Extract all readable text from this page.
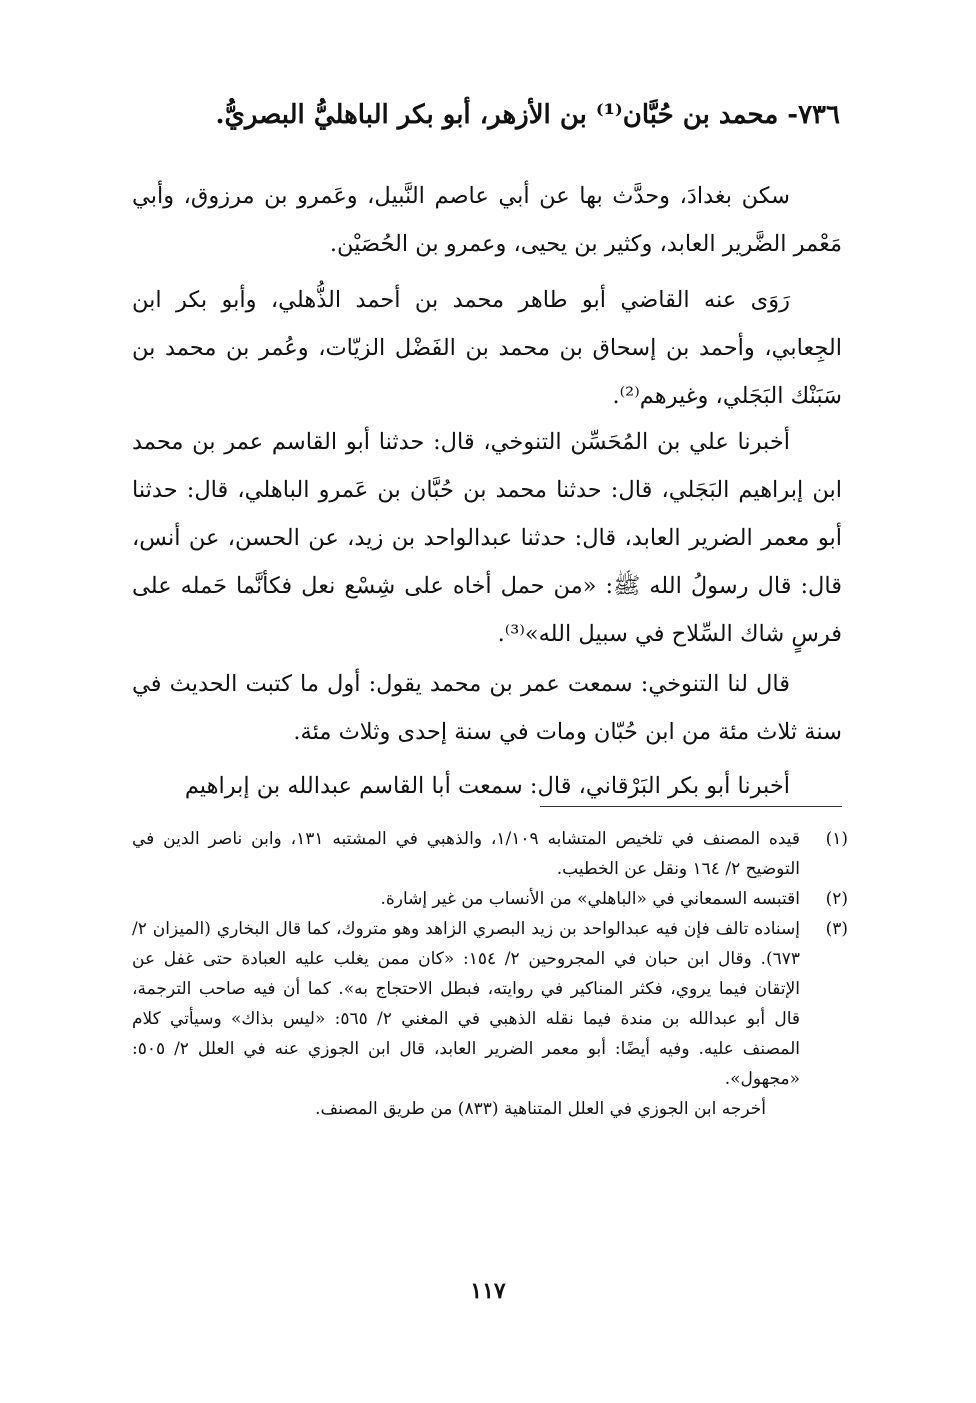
٧٣٦- محمد بن حُبَّان⁽¹⁾ بن الأزهر، أبو بكر الباهليُّ البصريُّ.

سكن بغدادَ، وحدَّث بها عن أبي عاصم النَّبيل، وعَمرو بن مرزوق، وأبي مَعْمر الضَّرير العابد، وكثير بن يحيى، وعمرو بن الحُصَيْن.

رَوَى عنه القاضي أبو طاهر محمد بن أحمد الذُّهلي، وأبو بكر ابن الجِعابي، وأحمد بن إسحاق بن محمد بن الفَضْل الزيّات، وعُمر بن محمد بن سَبَنْك البَجَلي، وغيرهم⁽²⁾.

أخبرنا علي بن المُحَسِّن التنوخي، قال: حدثنا أبو القاسم عمر بن محمد ابن إبراهيم البَجَلي، قال: حدثنا محمد بن حُبَّان بن عَمرو الباهلي، قال: حدثنا أبو معمر الضرير العابد، قال: حدثنا عبدالواحد بن زيد، عن الحسن، عن أنس، قال: قال رسولُ الله ﷺ: «من حمل أخاه على شِسْع نعل فكأنَّما حَمله على فرسٍ شاك السِّلاح في سبيل الله»⁽³⁾.

قال لنا التنوخي: سمعت عمر بن محمد يقول: أول ما كتبت الحديث في سنة ثلاث مئة من ابن حُبّان ومات في سنة إحدى وثلاث مئة.

أخبرنا أبو بكر البَرْقاني، قال: سمعت أبا القاسم عبدالله بن إبراهيم

(١)
قيده المصنف في تلخيص المتشابه ١/١٠٩، والذهبي في المشتبه ١٣١، وابن ناصر الدين في التوضيح ٢/ ١٦٤ ونقل عن الخطيب.
(٢)
اقتبسه السمعاني في «الباهلي» من الأنساب من غير إشارة.
(٣)
إسناده تالف فإن فيه عبدالواحد بن زيد البصري الزاهد وهو متروك، كما قال البخاري (الميزان ٢/ ٦٧٣). وقال ابن حبان في المجروحين ٢/ ١٥٤: «كان ممن يغلب عليه العبادة حتى غفل عن الإتقان فيما يروي، فكثر المناكير في روايته، فبطل الاحتجاج به». كما أن فيه صاحب الترجمة، قال أبو عبدالله بن مندة فيما نقله الذهبي في المغني ٢/ ٥٦٥: «ليس بذاك» وسيأتي كلام المصنف عليه. وفيه أيضًا: أبو معمر الضرير العابد، قال ابن الجوزي عنه في العلل ٢/ ٥٠٥: «مجهول».

أخرجه ابن الجوزي في العلل المتناهية (٨٣٣) من طريق المصنف.

١١٧
